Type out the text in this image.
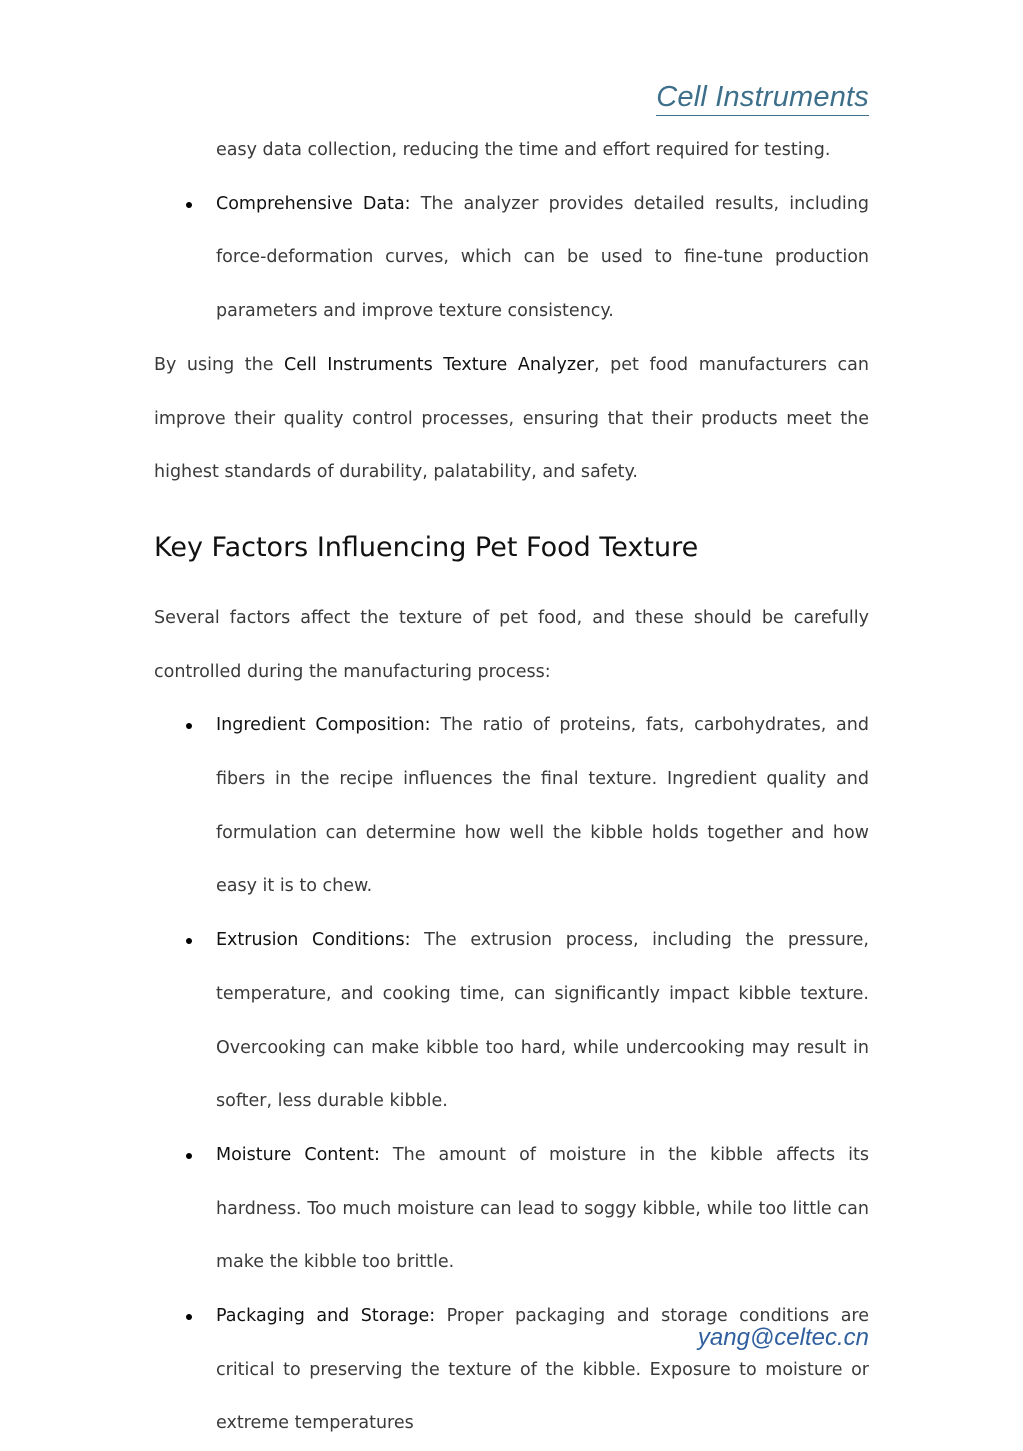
Cell Instruments

easy data collection, reducing the time and effort required for testing.

Comprehensive Data: The analyzer provides detailed results, including force-deformation curves, which can be used to fine-tune production parameters and improve texture consistency.

By using the Cell Instruments Texture Analyzer, pet food manufacturers can improve their quality control processes, ensuring that their products meet the highest standards of durability, palatability, and safety.

Key Factors Influencing Pet Food Texture

Several factors affect the texture of pet food, and these should be carefully controlled during the manufacturing process:

Ingredient Composition: The ratio of proteins, fats, carbohydrates, and fibers in the recipe influences the final texture. Ingredient quality and formulation can determine how well the kibble holds together and how easy it is to chew.
Extrusion Conditions: The extrusion process, including the pressure, temperature, and cooking time, can significantly impact kibble texture. Overcooking can make kibble too hard, while undercooking may result in softer, less durable kibble.
Moisture Content: The amount of moisture in the kibble affects its hardness. Too much moisture can lead to soggy kibble, while too little can make the kibble too brittle.
Packaging and Storage: Proper packaging and storage conditions are critical to preserving the texture of the kibble. Exposure to moisture or extreme temperatures
yang@celtec.cn
